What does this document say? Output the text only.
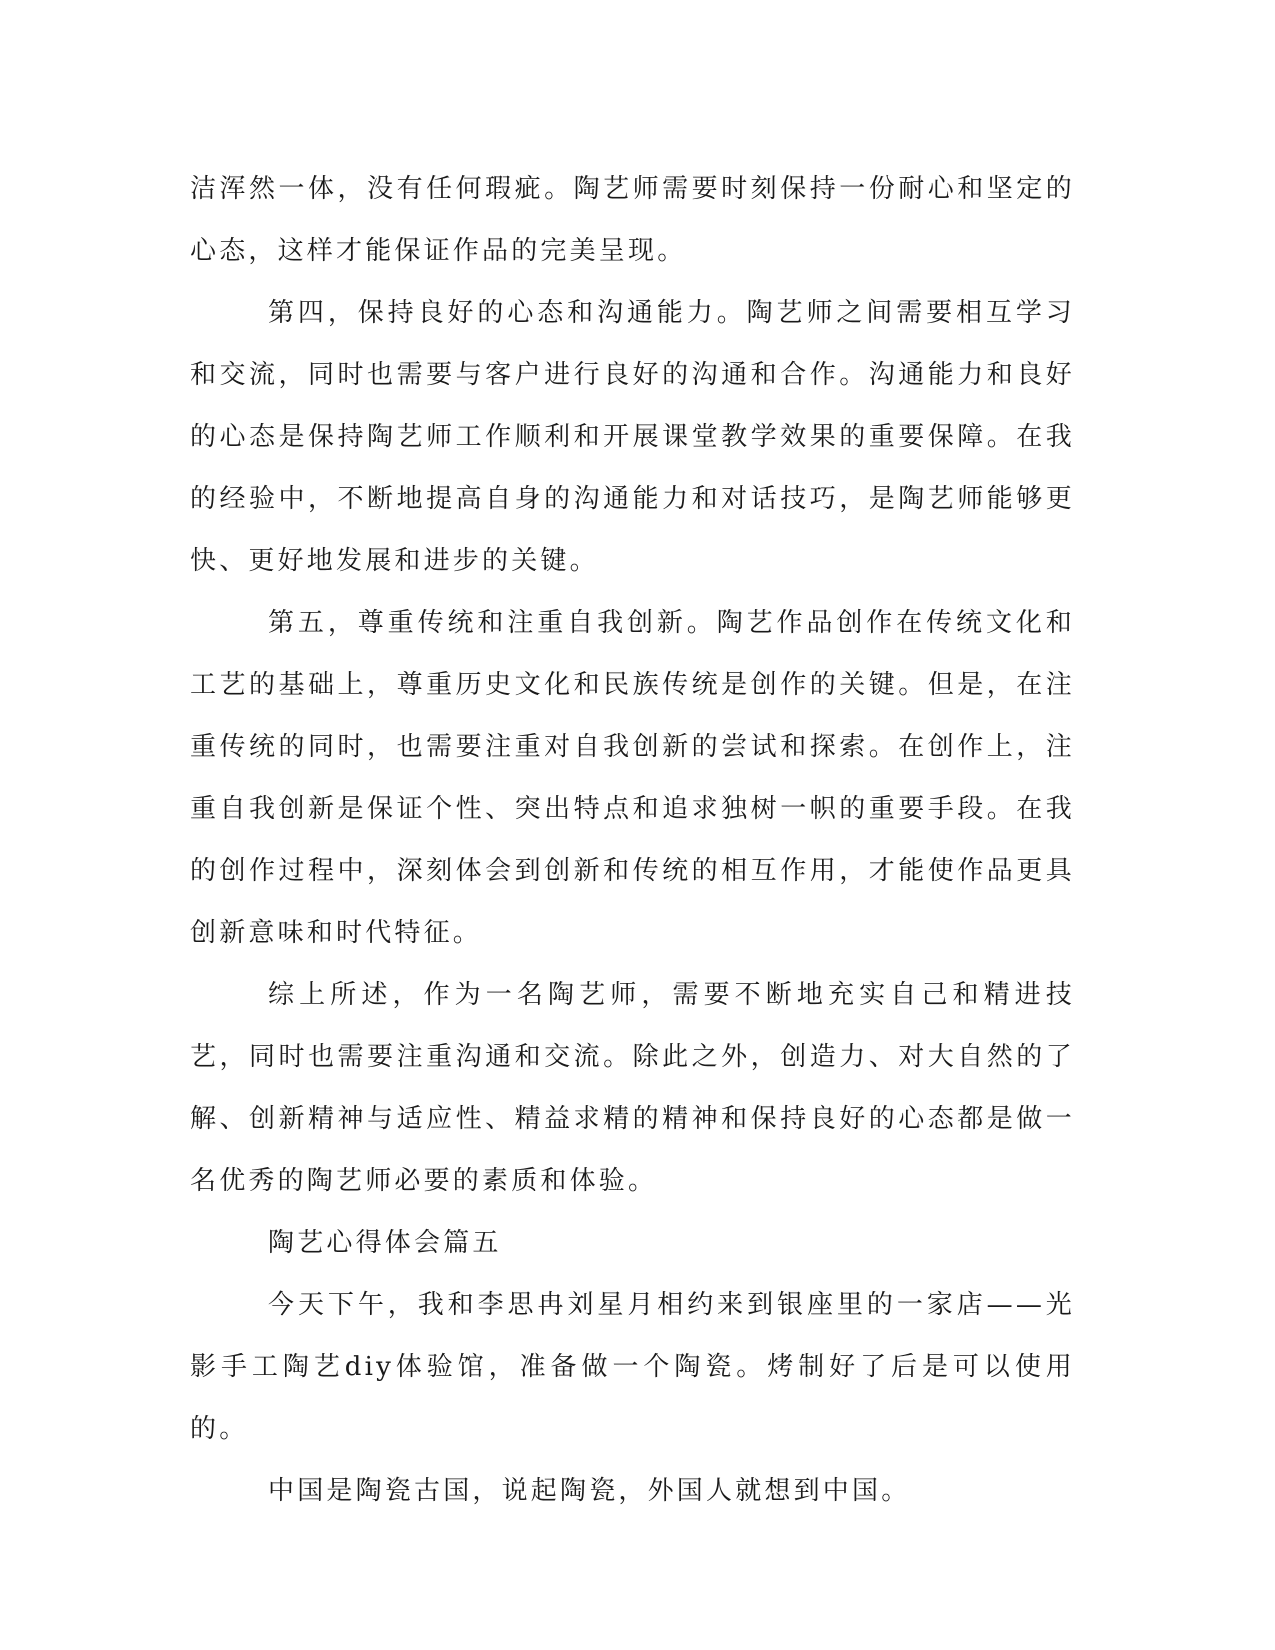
洁浑然一体，没有任何瑕疵。陶艺师需要时刻保持一份耐心和坚定的心态，这样才能保证作品的完美呈现。

第四，保持良好的心态和沟通能力。陶艺师之间需要相互学习和交流，同时也需要与客户进行良好的沟通和合作。沟通能力和良好的心态是保持陶艺师工作顺利和开展课堂教学效果的重要保障。在我的经验中，不断地提高自身的沟通能力和对话技巧，是陶艺师能够更快、更好地发展和进步的关键。

第五，尊重传统和注重自我创新。陶艺作品创作在传统文化和工艺的基础上，尊重历史文化和民族传统是创作的关键。但是，在注重传统的同时，也需要注重对自我创新的尝试和探索。在创作上，注重自我创新是保证个性、突出特点和追求独树一帜的重要手段。在我的创作过程中，深刻体会到创新和传统的相互作用，才能使作品更具创新意味和时代特征。

综上所述，作为一名陶艺师，需要不断地充实自己和精进技艺，同时也需要注重沟通和交流。除此之外，创造力、对大自然的了解、创新精神与适应性、精益求精的精神和保持良好的心态都是做一名优秀的陶艺师必要的素质和体验。

陶艺心得体会篇五

今天下午，我和李思冉刘星月相约来到银座里的一家店——光影手工陶艺diy体验馆，准备做一个陶瓷。烤制好了后是可以使用的。

中国是陶瓷古国，说起陶瓷，外国人就想到中国。
